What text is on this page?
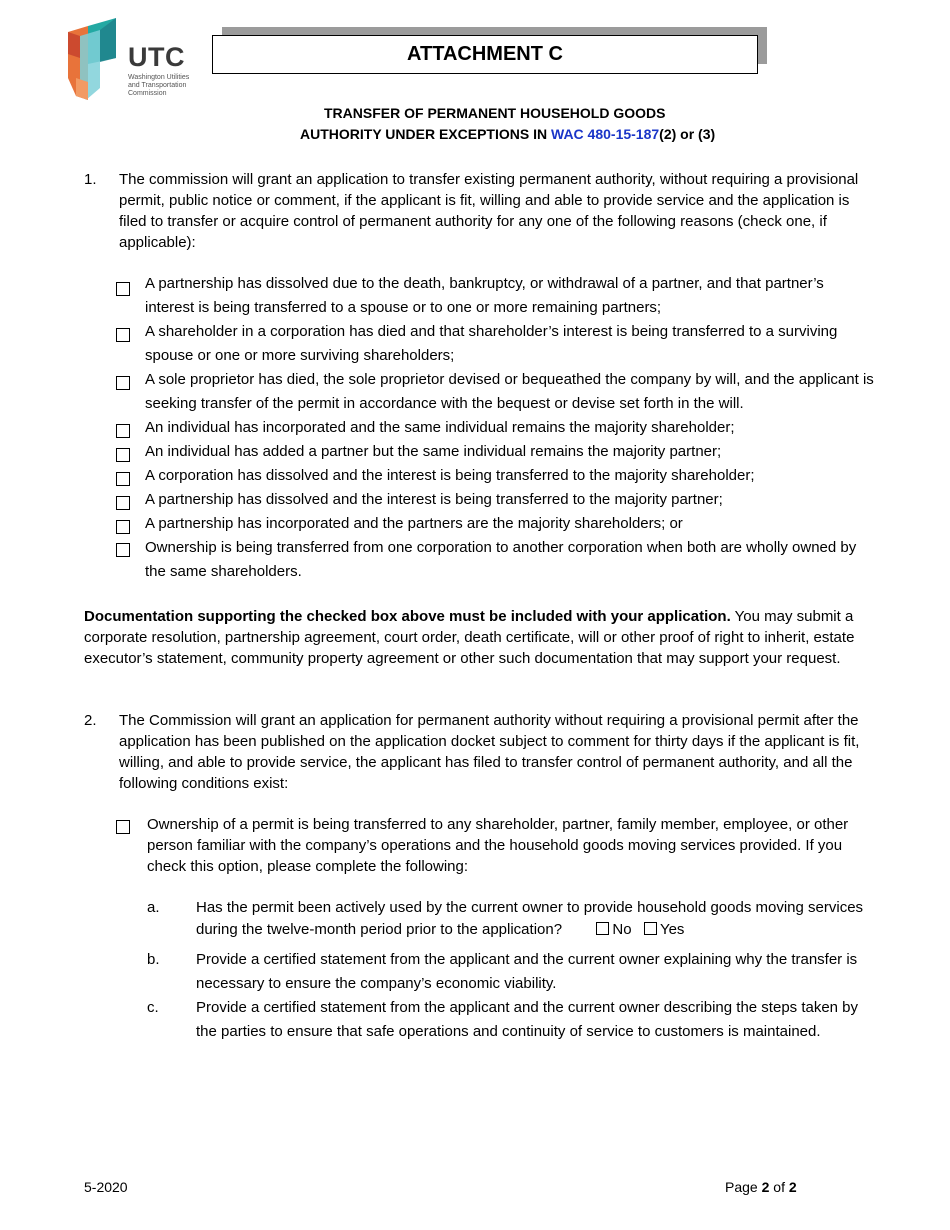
UTC
Washington Utilities and Transportation Commission
ATTACHMENT C
TRANSFER OF PERMANENT HOUSEHOLD GOODS
AUTHORITY UNDER EXCEPTIONS IN WAC 480-15-187(2) or (3)
1. The commission will grant an application to transfer existing permanent authority, without requiring a provisional permit, public notice or comment, if the applicant is fit, willing and able to provide service and the application is filed to transfer or acquire control of permanent authority for any one of the following reasons (check one, if applicable):
A partnership has dissolved due to the death, bankruptcy, or withdrawal of a partner, and that partner’s interest is being transferred to a spouse or to one or more remaining partners;
A shareholder in a corporation has died and that shareholder’s interest is being transferred to a surviving spouse or one or more surviving shareholders;
A sole proprietor has died, the sole proprietor devised or bequeathed the company by will, and the applicant is seeking transfer of the permit in accordance with the bequest or devise set forth in the will.
An individual has incorporated and the same individual remains the majority shareholder;
An individual has added a partner but the same individual remains the majority partner;
A corporation has dissolved and the interest is being transferred to the majority shareholder;
A partnership has dissolved and the interest is being transferred to the majority partner;
A partnership has incorporated and the partners are the majority shareholders; or
Ownership is being transferred from one corporation to another corporation when both are wholly owned by the same shareholders.
Documentation supporting the checked box above must be included with your application. You may submit a corporate resolution, partnership agreement, court order, death certificate, will or other proof of right to inherit, estate executor’s statement, community property agreement or other such documentation that may support your request.
2. The Commission will grant an application for permanent authority without requiring a provisional permit after the application has been published on the application docket subject to comment for thirty days if the applicant is fit, willing, and able to provide service, the applicant has filed to transfer control of permanent authority, and all the following conditions exist:
Ownership of a permit is being transferred to any shareholder, partner, family member, employee, or other person familiar with the company’s operations and the household goods moving services provided. If you check this option, please complete the following:
a. Has the permit been actively used by the current owner to provide household goods moving services during the twelve-month period prior to the application?	No Yes
b. Provide a certified statement from the applicant and the current owner explaining why the transfer is necessary to ensure the company’s economic viability.
c. Provide a certified statement from the applicant and the current owner describing the steps taken by the parties to ensure that safe operations and continuity of service to customers is maintained.
5-2020	Page 2 of 2
